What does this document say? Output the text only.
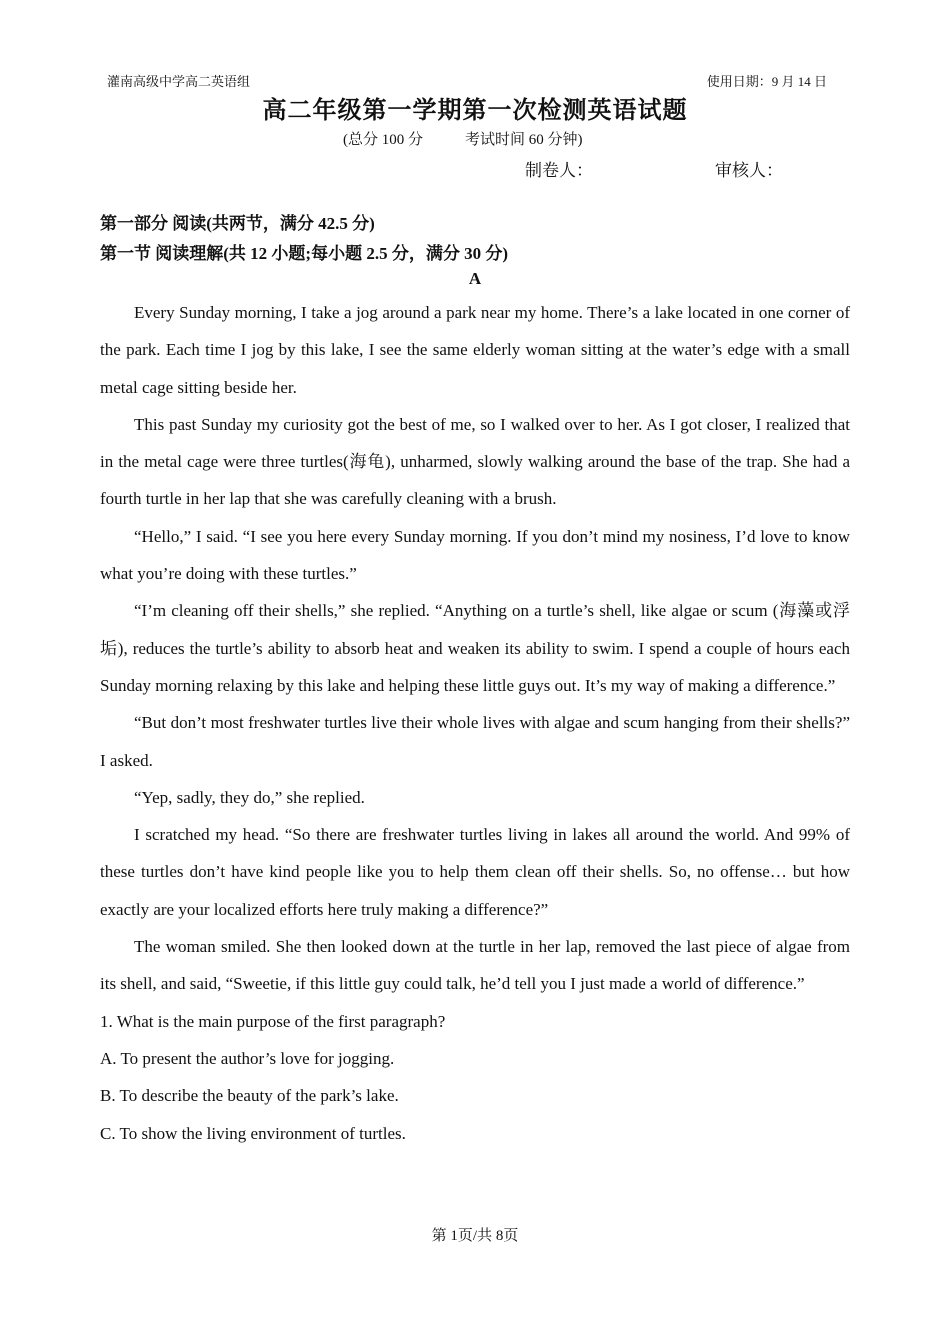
灌南高级中学高二英语组	使用日期：9 月 14 日
高二年级第一学期第一次检测英语试题
(总分 100 分	考试时间 60 分钟)
制卷人：	审核人：
第一部分 阅读(共两节，满分 42.5 分)
第一节 阅读理解(共 12 小题;每小题 2.5 分，满分 30 分)
A

Every Sunday morning, I take a jog around a park near my home. There’s a lake located in one corner of the park. Each time I jog by this lake, I see the same elderly woman sitting at the water’s edge with a small metal cage sitting beside her.

This past Sunday my curiosity got the best of me, so I walked over to her. As I got closer, I realized that in the metal cage were three turtles(海龟), unharmed, slowly walking around the base of the trap. She had a fourth turtle in her lap that she was carefully cleaning with a brush.

“Hello,” I said. “I see you here every Sunday morning. If you don’t mind my nosiness, I’d love to know what you’re doing with these turtles.”

“I’m cleaning off their shells,” she replied. “Anything on a turtle’s shell, like algae or scum (海藻或浮垢), reduces the turtle’s ability to absorb heat and weaken its ability to swim. I spend a couple of hours each Sunday morning relaxing by this lake and helping these little guys out. It’s my way of making a difference.”

“But don’t most freshwater turtles live their whole lives with algae and scum hanging from their shells?” I asked.

“Yep, sadly, they do,” she replied.

I scratched my head. “So there are freshwater turtles living in lakes all around the world. And 99% of these turtles don’t have kind people like you to help them clean off their shells. So, no offense… but how exactly are your localized efforts here truly making a difference?”

The woman smiled. She then looked down at the turtle in her lap, removed the last piece of algae from its shell, and said, “Sweetie, if this little guy could talk, he’d tell you I just made a world of difference.”

1. What is the main purpose of the first paragraph?
A. To present the author’s love for jogging.
B. To describe the beauty of the park’s lake.
C. To show the living environment of turtles.
第 1页/共 8页
